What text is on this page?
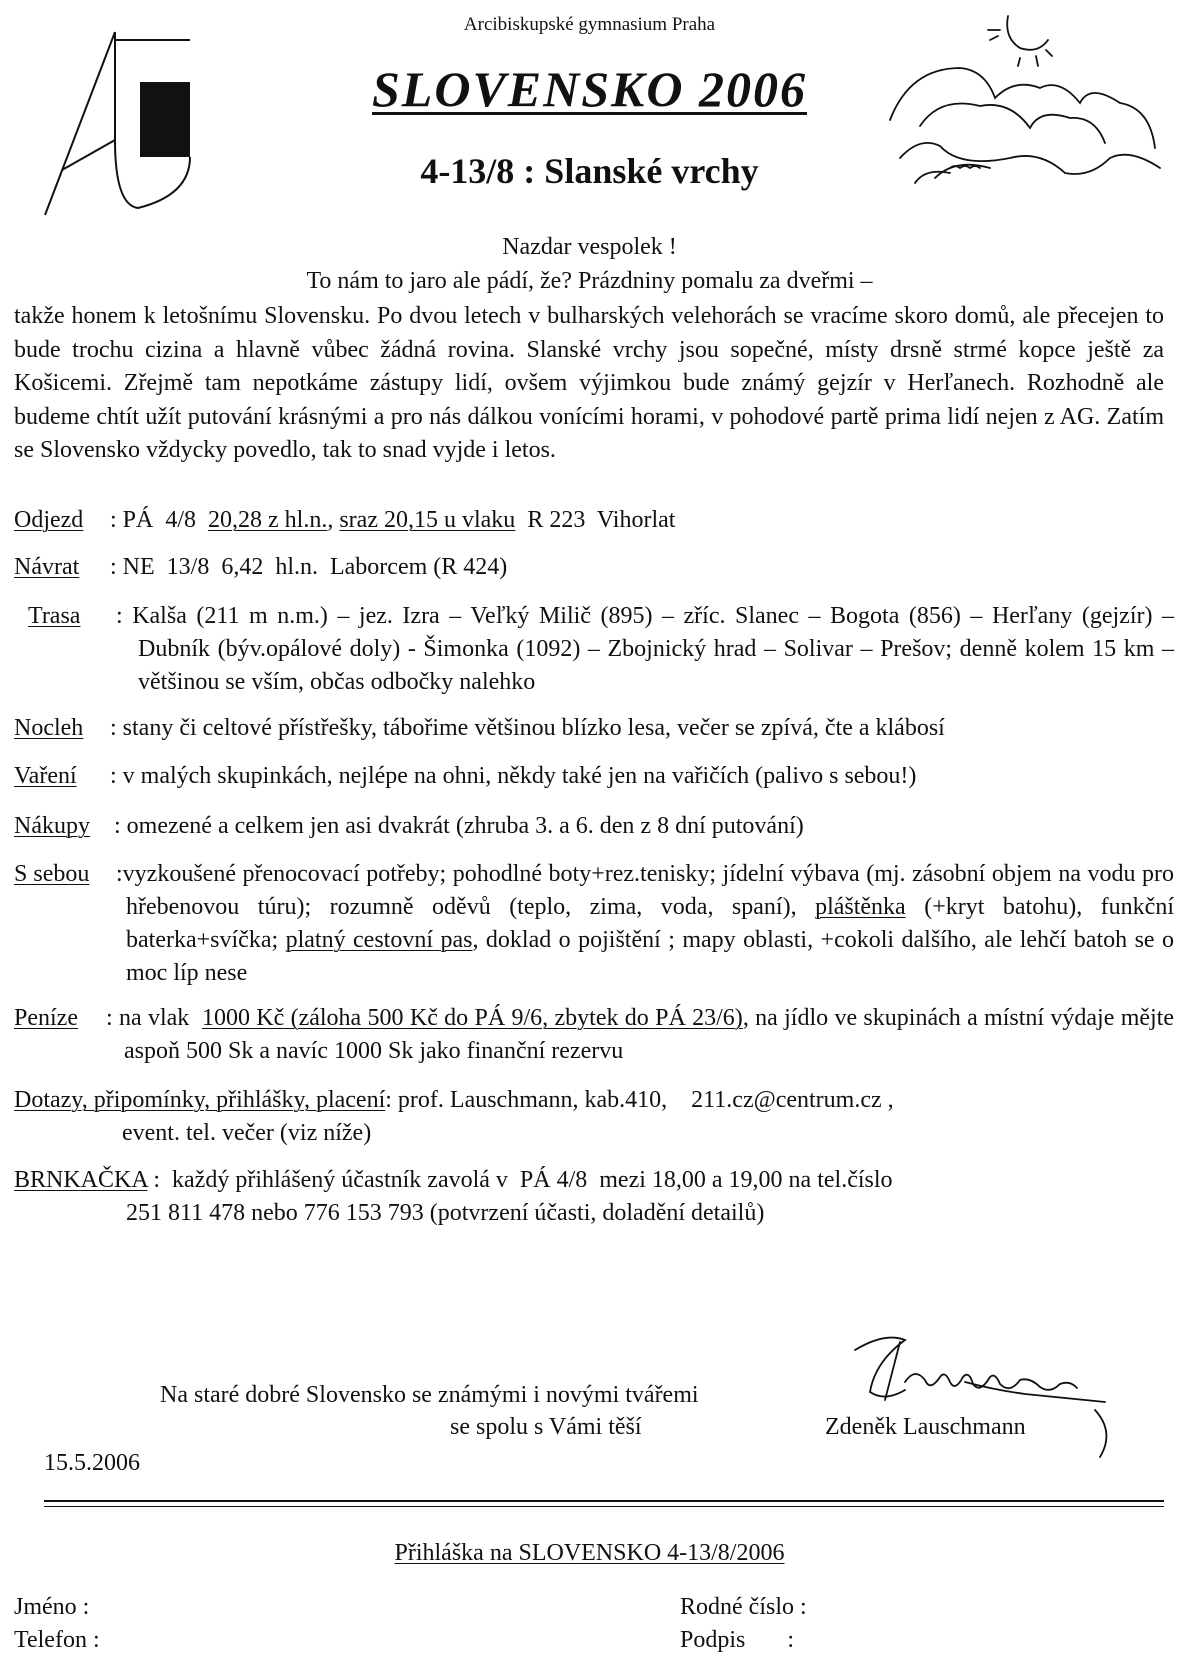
Arcibiskupské gymnasium Praha
SLOVENSKO 2006
4-13/8 : Slanské vrchy
Nazdar vespolek !
To nám to jaro ale pádí, že? Prázdniny pomalu za dveřmi –
takže honem k letošnímu Slovensku. Po dvou letech v bulharských velehorách se vracíme skoro domů, ale přecejen to bude trochu cizina a hlavně vůbec žádná rovina. Slanské vrchy jsou sopečné, místy drsně strmé kopce ještě za Košicemi. Zřejmě tam nepotkáme zástupy lidí, ovšem výjimkou bude známý gejzír v Herľanech. Rozhodně ale budeme chtít užít putování krásnými a pro nás dálkou vonícími horami, v pohodové partě prima lidí nejen z AG. Zatím se Slovensko vždycky povedlo, tak to snad vyjde i letos.
Odjezd : PÁ  4/8  20,28 z hl.n., sraz 20,15 u vlaku  R 223  Vihorlat
Návrat : NE  13/8  6,42  hl.n.  Laborcem (R 424)
Trasa : Kalša (211 m n.m.) – jez. Izra – Veľký Milič (895) – zříc. Slanec – Bogota (856) – Herľany (gejzír) – Dubník (býv.opálové doly) - Šimonka (1092) – Zbojnický hrad – Solivar – Prešov; denně kolem 15 km – většinou se vším, občas odbočky nalehko
Nocleh : stany či celtové přístřešky, tábořime většinou blízko lesa, večer se zpívá, čte a klábosí
Vaření : v malých skupinkách, nejlépe na ohni, někdy také jen na vařičích (palivo s sebou!)
Nákupy : omezené a celkem jen asi dvakrát (zhruba 3. a 6. den z 8 dní putování)
S sebou :vyzkoušené přenocovací potřeby; pohodlné boty+rez.tenisky; jídelní výbava (mj. zásobní objem na vodu pro hřebenovou túru); rozumně oděvů (teplo, zima, voda, spaní), pláštěnka (+kryt batohu), funkční baterka+svíčka; platný cestovní pas, doklad o pojištění ; mapy oblasti, +cokoli dalšího, ale lehčí batoh se o moc líp nese
Peníze : na vlak  1000 Kč (záloha 500 Kč do PÁ 9/6, zbytek do PÁ 23/6), na jídlo ve skupinách a místní výdaje mějte aspoň 500 Sk a navíc 1000 Sk jako finanční rezervu
Dotazy, připomínky, přihlášky, placení: prof. Lauschmann, kab.410,    211.cz@centrum.cz ,
event. tel. večer (viz níže)
BRNKAČKA :  každý přihlášený účastník zavolá v  PÁ 4/8  mezi 18,00 a 19,00 na tel.číslo
251 811 478 nebo 776 153 793 (potvrzení účasti, doladění detailů)
Na staré dobré Slovensko se známými i novými tvářemi
se spolu s Vámi těší	Zdeněk Lauschmann
15.5.2006
Přihláška na SLOVENSKO 4-13/8/2006
Jméno :
Telefon :
Rodné číslo :
Podpis       :
